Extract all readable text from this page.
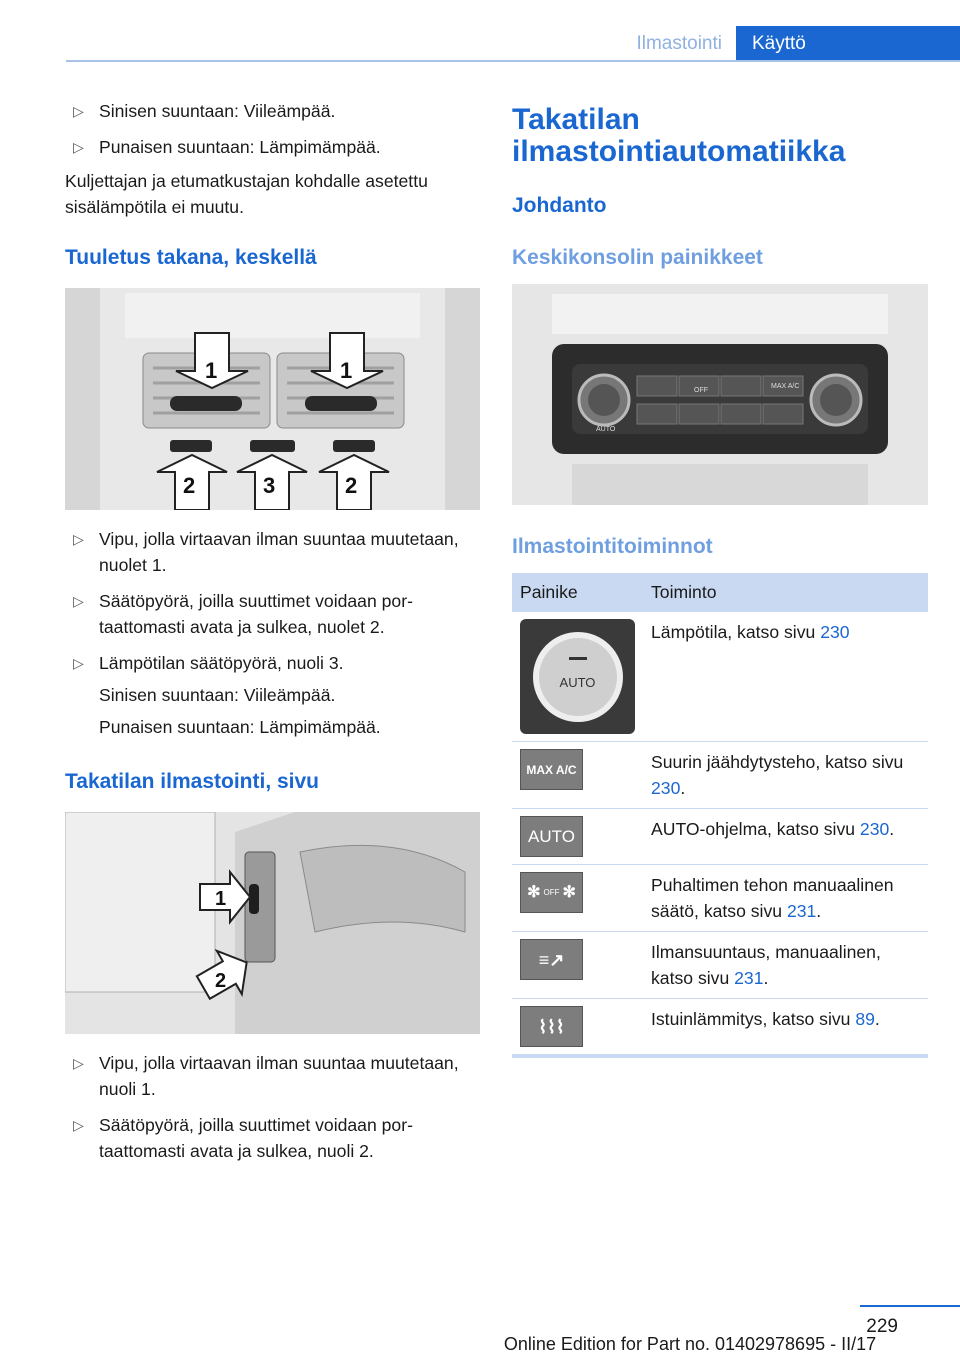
Ilmastointi	Käyttö
▷ Sinisen suuntaan: Viileämpää.
▷ Punaisen suuntaan: Lämpimämpää.
Kuljettajan ja etumatkustajan kohdalle asetettu sisälämpötila ei muutu.
Tuuletus takana, keskellä
1	1
2	3	2
▷ Vipu, jolla virtaavan ilman suuntaa muutetaan, nuolet 1.
▷ Säätöpyörä, joilla suuttimet voidaan portaattomasti avata ja sulkea, nuolet 2.
▷ Lämpötilan säätöpyörä, nuoli 3.
Sinisen suuntaan: Viileämpää.
Punaisen suuntaan: Lämpimämpää.
Takatilan ilmastointi, sivu
1
2
▷ Vipu, jolla virtaavan ilman suuntaa muutetaan, nuoli 1.
▷ Säätöpyörä, joilla suuttimet voidaan portaattomasti avata ja sulkea, nuoli 2.
Takatilan ilmastointiautomatiikka
Johdanto
Keskikonsolin painikkeet
AUTO
MAX A/C
OFF
Ilmastointitoiminnot
Painike	Toiminto

AUTO	Lämpötila, katso sivu 230

MAX A/C	Suurin jäähdytysteho, katso sivu 230.

AUTO	AUTO-ohjelma, katso sivu 230.

✻ OFF ✻	Puhaltimen tehon manuaalinen säätö, katso sivu 231.

≡↗	Ilmansuuntaus, manuaalinen, katso sivu 231.

⌇⌇⌇	Istuinlämmitys, katso sivu 89.
229
Online Edition for Part no. 01402978695 - II/17
